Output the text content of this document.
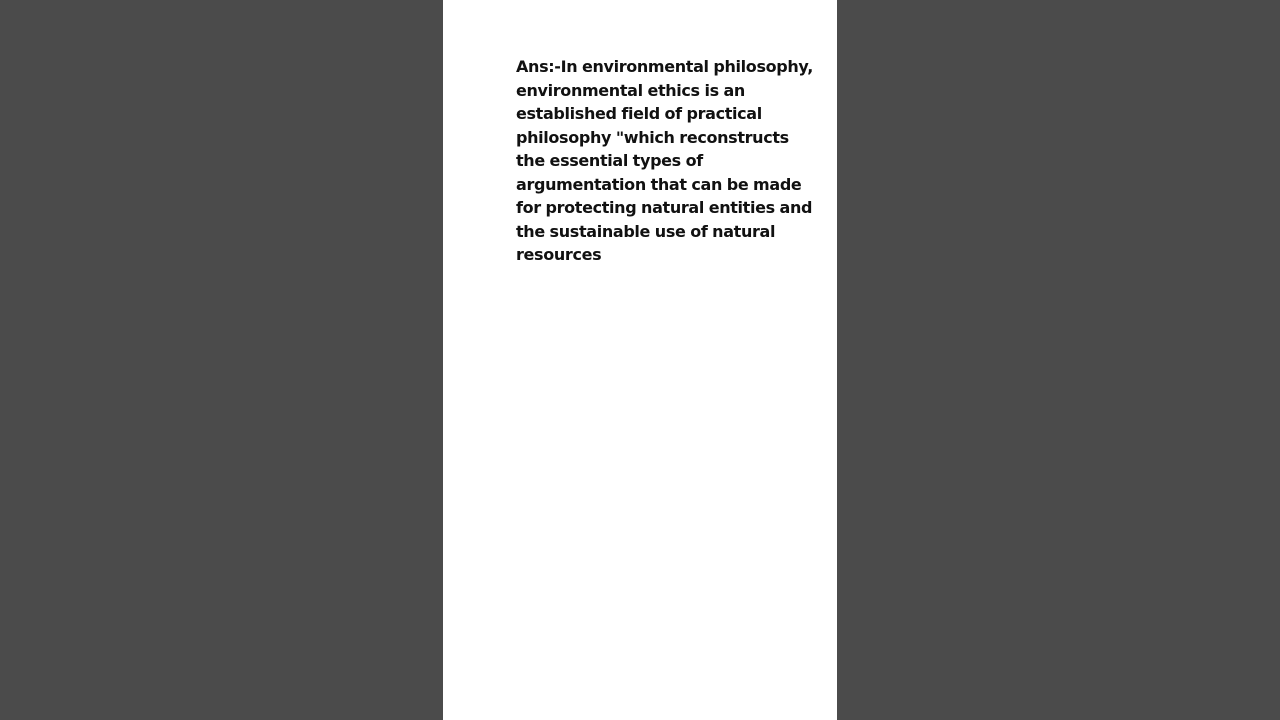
Ans:-In environmental philosophy, environmental ethics is an established field of practical philosophy "which reconstructs the essential types of argumentation that can be made for protecting natural entities and the sustainable use of natural resources
